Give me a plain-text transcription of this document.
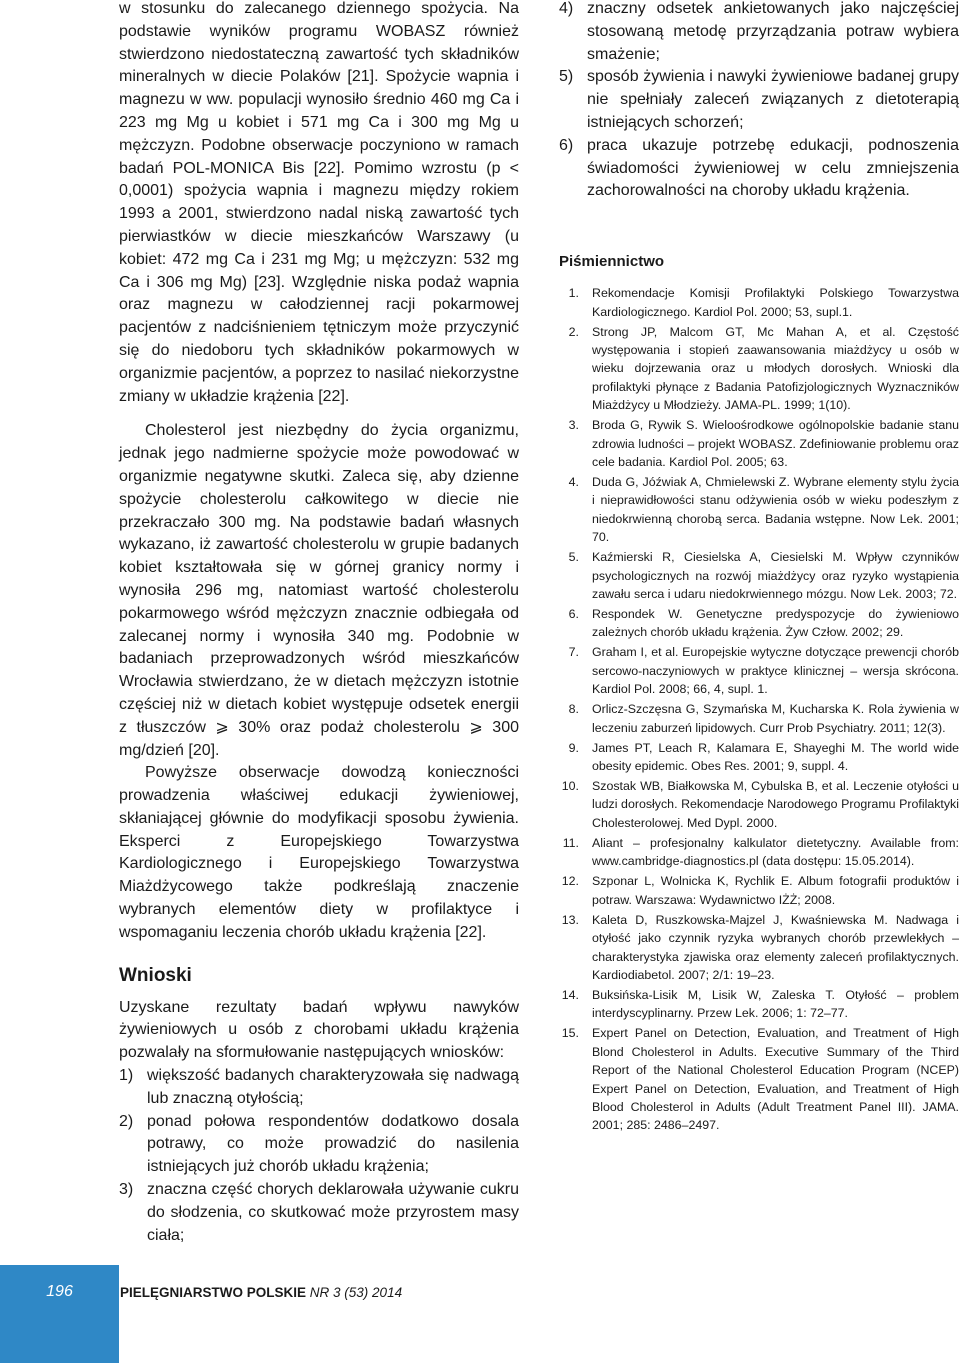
w stosunku do zalecanego dziennego spożycia. Na podstawie wyników programu WOBASZ również stwierdzono niedostateczną zawartość tych składników mineralnych w diecie Polaków [21]. Spożycie wapnia i magnezu w ww. populacji wynosiło średnio 460 mg Ca i 223 mg Mg u kobiet i 571 mg Ca i 300 mg Mg u mężczyzn. Podobne obserwacje poczyniono w ramach badań POL-MONICA Bis [22]. Pomimo wzrostu (p < 0,0001) spożycia wapnia i magnezu między rokiem 1993 a 2001, stwierdzono nadal niską zawartość tych pierwiastków w diecie mieszkańców Warszawy (u kobiet: 472 mg Ca i 231 mg Mg; u mężczyzn: 532 mg Ca i 306 mg Mg) [23]. Względnie niska podaż wapnia oraz magnezu w całodziennej racji pokarmowej pacjentów z nadciśnieniem tętniczym może przyczynić się do niedoboru tych składników pokarmowych w organizmie pacjentów, a poprzez to nasilać niekorzystne zmiany w układzie krążenia [22].

Cholesterol jest niezbędny do życia organizmu, jednak jego nadmierne spożycie może powodować w organizmie negatywne skutki. Zaleca się, aby dzienne spożycie cholesterolu całkowitego w diecie nie przekraczało 300 mg. Na podstawie badań własnych wykazano, iż zawartość cholesterolu w grupie badanych kobiet kształtowała się w górnej granicy normy i wynosiła 296 mg, natomiast wartość cholesterolu pokarmowego wśród mężczyzn znacznie odbiegała od zalecanej normy i wynosiła 340 mg. Podobnie w badaniach przeprowadzonych wśród mieszkańców Wrocławia stwierdzano, że w dietach mężczyzn istotnie częściej niż w dietach kobiet występuje odsetek energii z tłuszczów ⩾ 30% oraz podaż cholesterolu ⩾ 300 mg/dzień [20].

Powyższe obserwacje dowodzą konieczności prowadzenia właściwej edukacji żywieniowej, skłaniającej głównie do modyfikacji sposobu żywienia. Eksperci z Europejskiego Towarzystwa Kardiologicznego i Europejskiego Towarzystwa Miażdżycowego także podkreślają znaczenie wybranych elementów diety w profilaktyce i wspomaganiu leczenia chorób układu krążenia [22].

Wnioski

Uzyskane rezultaty badań wpływu nawyków żywieniowych u osób z chorobami układu krążenia pozwalały na sformułowanie następujących wniosków:

1) większość badanych charakteryzowała się nadwagą lub znaczną otyłością;
2) ponad połowa respondentów dodatkowo dosala potrawy, co może prowadzić do nasilenia istniejących już chorób układu krążenia;
3) znaczna część chorych deklarowała używanie cukru do słodzenia, co skutkować może przyrostem masy ciała;
4) znaczny odsetek ankietowanych jako najczęściej stosowaną metodę przyrządzania potraw wybiera smażenie;
5) sposób żywienia i nawyki żywieniowe badanej grupy nie spełniały zaleceń związanych z dietoterapią istniejących schorzeń;
6) praca ukazuje potrzebę edukacji, podnoszenia świadomości żywieniowej w celu zmniejszenia zachorowalności na choroby układu krążenia.
Piśmiennictwo
1. Rekomendacje Komisji Profilaktyki Polskiego Towarzystwa Kardiologicznego. Kardiol Pol. 2000; 53, supl.1.
2. Strong JP, Malcom GT, Mc Mahan A, et al. Częstość występowania i stopień zaawansowania miażdżycy u osób w wieku dojrzewania oraz u młodych dorosłych. Wnioski dla profilaktyki płynące z Badania Patofizjologicznych Wyznaczników Miażdżycy u Młodzieży. JAMA-PL. 1999; 1(10).
3. Broda G, Rywik S. Wieloośrodkowe ogólnopolskie badanie stanu zdrowia ludności – projekt WOBASZ. Zdefiniowanie problemu oraz cele badania. Kardiol Pol. 2005; 63.
4. Duda G, Jóźwiak A, Chmielewski Z. Wybrane elementy stylu życia i nieprawidłowości stanu odżywienia osób w wieku podeszłym z niedokrwienną chorobą serca. Badania wstępne. Now Lek. 2001; 70.
5. Kaźmierski R, Ciesielska A, Ciesielski M. Wpływ czynników psychologicznych na rozwój miażdżycy oraz ryzyko wystąpienia zawału serca i udaru niedokrwiennego mózgu. Now Lek. 2003; 72.
6. Respondek W. Genetyczne predyspozycje do żywieniowo zależnych chorób układu krążenia. Żyw Człow. 2002; 29.
7. Graham I, et al. Europejskie wytyczne dotyczące prewencji chorób sercowo-naczyniowych w praktyce klinicznej – wersja skrócona. Kardiol Pol. 2008; 66, 4, supl. 1.
8. Orlicz-Szczęsna G, Szymańska M, Kucharska K. Rola żywienia w leczeniu zaburzeń lipidowych. Curr Prob Psychiatry. 2011; 12(3).
9. James PT, Leach R, Kalamara E, Shayeghi M. The world wide obesity epidemic. Obes Res. 2001; 9, suppl. 4.
10. Szostak WB, Białkowska M, Cybulska B, et al. Leczenie otyłości u ludzi dorosłych. Rekomendacje Narodowego Programu Profilaktyki Cholesterolowej. Med Dypl. 2000.
11. Aliant – profesjonalny kalkulator dietetyczny. Available from: www.cambridge-diagnostics.pl (data dostępu: 15.05.2014).
12. Szponar L, Wolnicka K, Rychlik E. Album fotografii produktów i potraw. Warszawa: Wydawnictwo IŻŻ; 2008.
13. Kaleta D, Ruszkowska-Majzel J, Kwaśniewska M. Nadwaga i otyłość jako czynnik ryzyka wybranych chorób przewlekłych – charakterystyka zjawiska oraz elementy zaleceń profilaktycznych. Kardiodiabetol. 2007; 2/1: 19–23.
14. Buksińska-Lisik M, Lisik W, Zaleska T. Otyłość – problem interdyscyplinarny. Przew Lek. 2006; 1: 72–77.
15. Expert Panel on Detection, Evaluation, and Treatment of High Blond Cholesterol in Adults. Executive Summary of the Third Report of the National Cholesterol Education Program (NCEP) Expert Panel on Detection, Evaluation, and Treatment of High Blood Cholesterol in Adults (Adult Treatment Panel III). JAMA. 2001; 285: 2486–2497.
196	PIELĘGNIARSTWO POLSKIE NR 3 (53) 2014
